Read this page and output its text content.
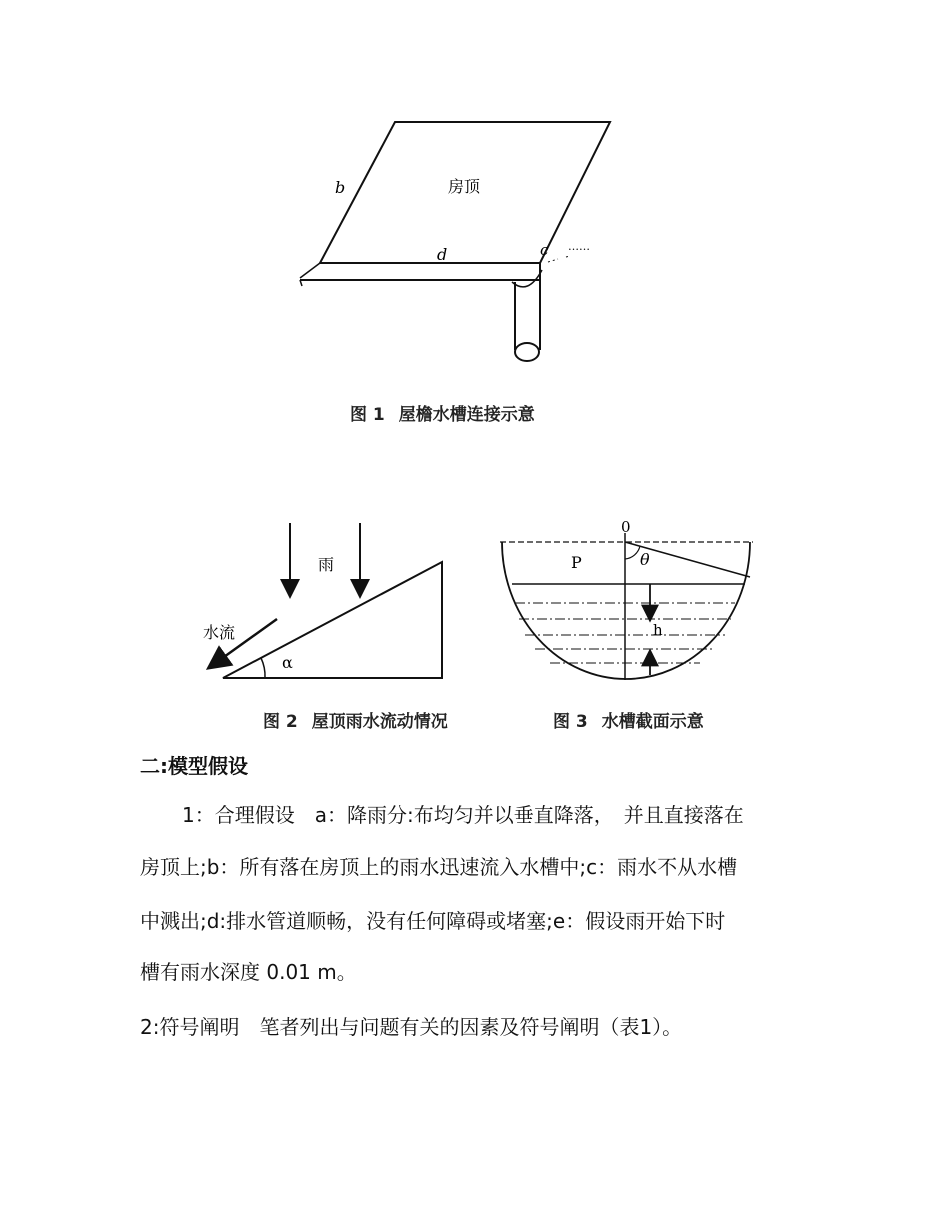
房顶
b
d	c ……
图 1 屋檐水槽连接示意
雨
水流
α
图 2 屋顶雨水流动情况
0
P	θ
h
图 3 水槽截面示意
二:模型假设
1：合理假设　a：降雨分:布均匀并以垂直降落，　并且直接落在
房顶上;b：所有落在房顶上的雨水迅速流入水槽中;c：雨水不从水槽
中溅出;d:排水管道顺畅，没有任何障碍或堵塞;e：假设雨开始下时
槽有雨水深度 0.01 m。
2:符号阐明　笔者列出与问题有关的因素及符号阐明（表1）。
